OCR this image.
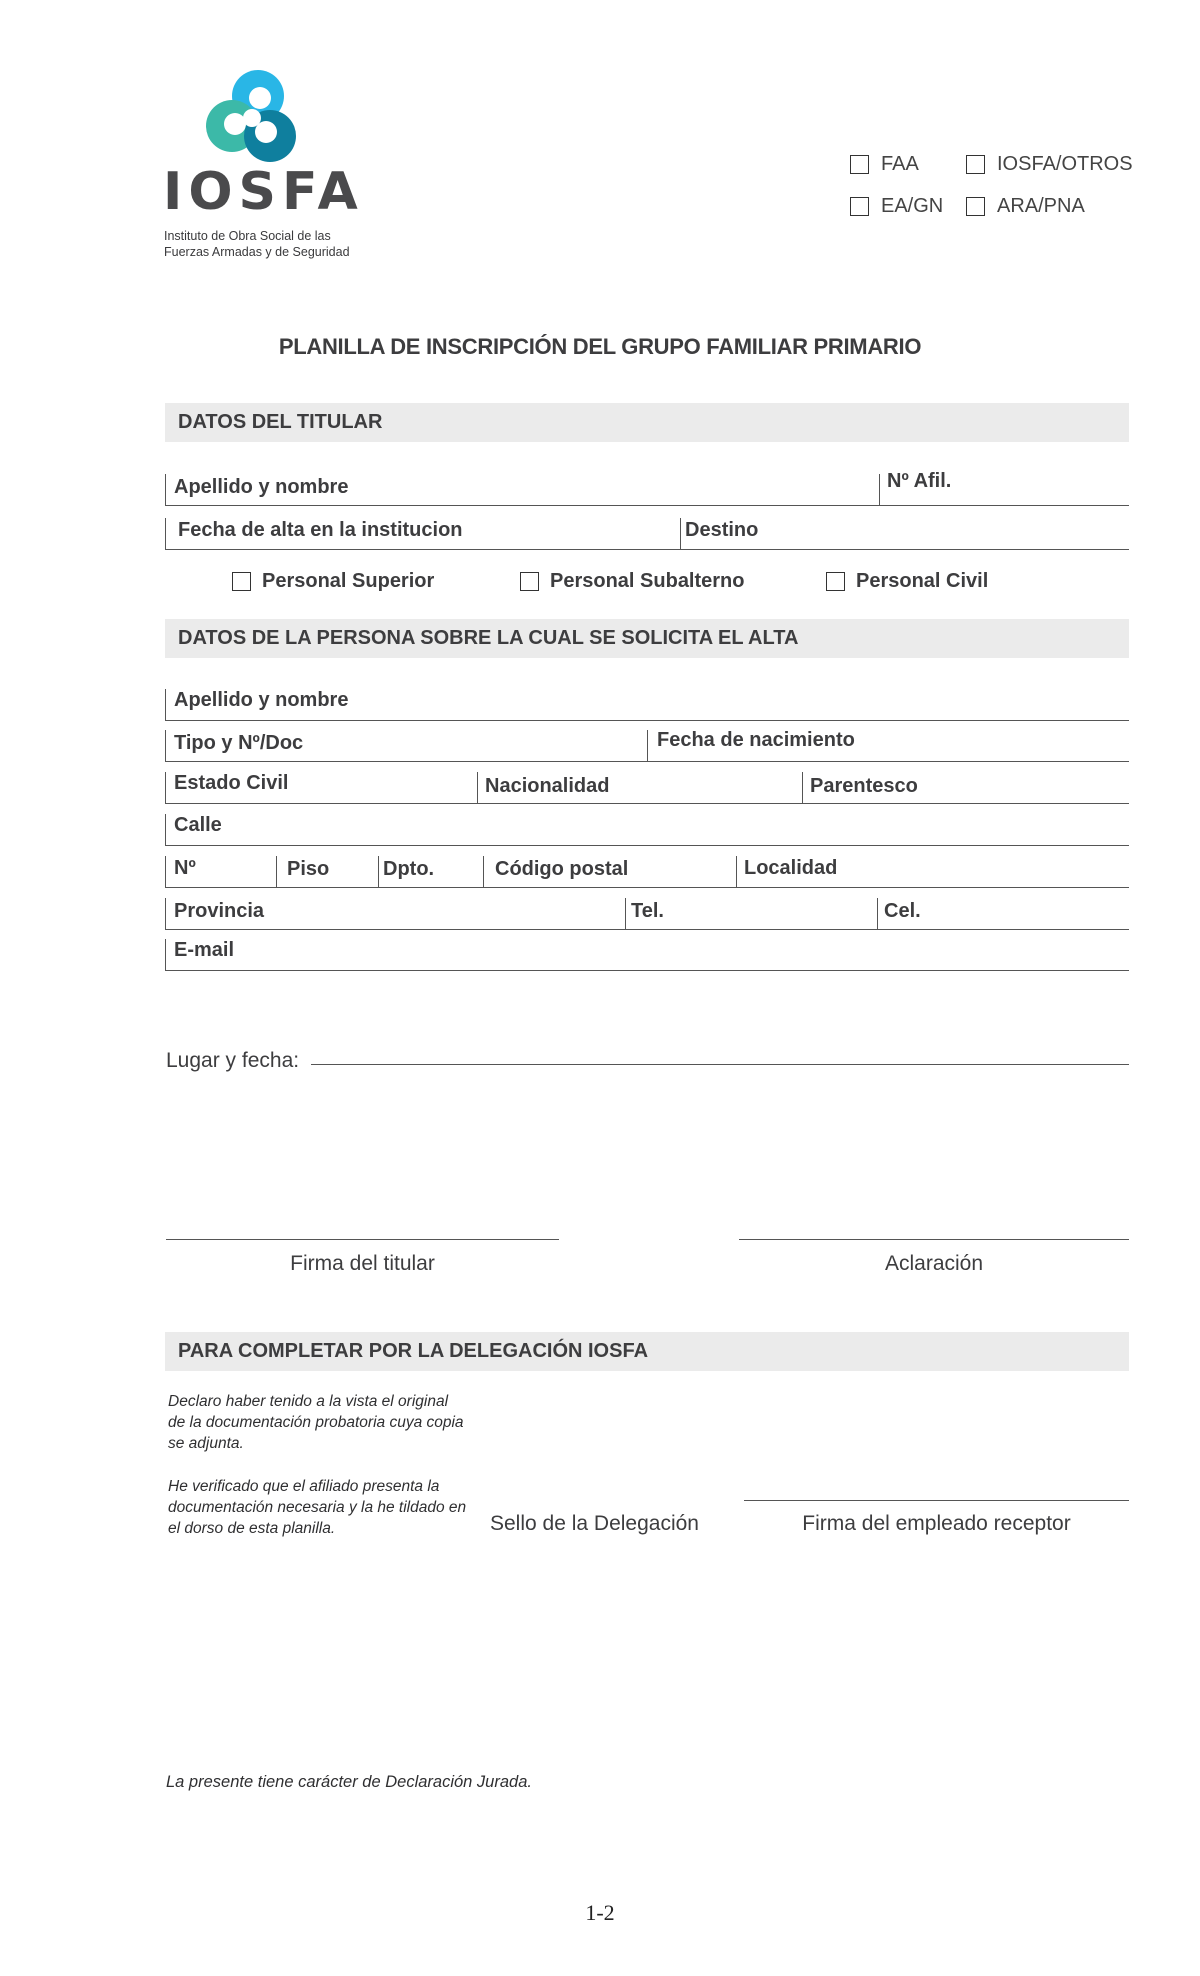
IOSFA
Instituto de Obra Social de las
Fuerzas Armadas y de Seguridad
FAA	IOSFA/OTROS
EA/GN	ARA/PNA
PLANILLA DE INSCRIPCIÓN DEL GRUPO FAMILIAR PRIMARIO
DATOS DEL TITULAR
Apellido y nombre	Nº Afil.
Fecha de alta en la institucion	Destino
Personal Superior	Personal Subalterno	Personal Civil
DATOS DE LA PERSONA SOBRE LA CUAL SE SOLICITA EL ALTA
Apellido y nombre
Tipo y Nº/Doc	Fecha de nacimiento
Estado Civil	Nacionalidad	Parentesco
Calle
Nº	Piso	Dpto.	Código postal	Localidad
Provincia	Tel.	Cel.
E-mail
Lugar y fecha:
Firma del titular	Aclaración
PARA COMPLETAR POR LA DELEGACIÓN IOSFA
Declaro haber tenido a la vista el original de la documentación probatoria cuya copia se adjunta.
He verificado que el afiliado presenta la documentación necesaria y la he tildado en el dorso de esta planilla.	Sello de la Delegación	Firma del empleado receptor
La presente tiene carácter de Declaración Jurada.
1-2
